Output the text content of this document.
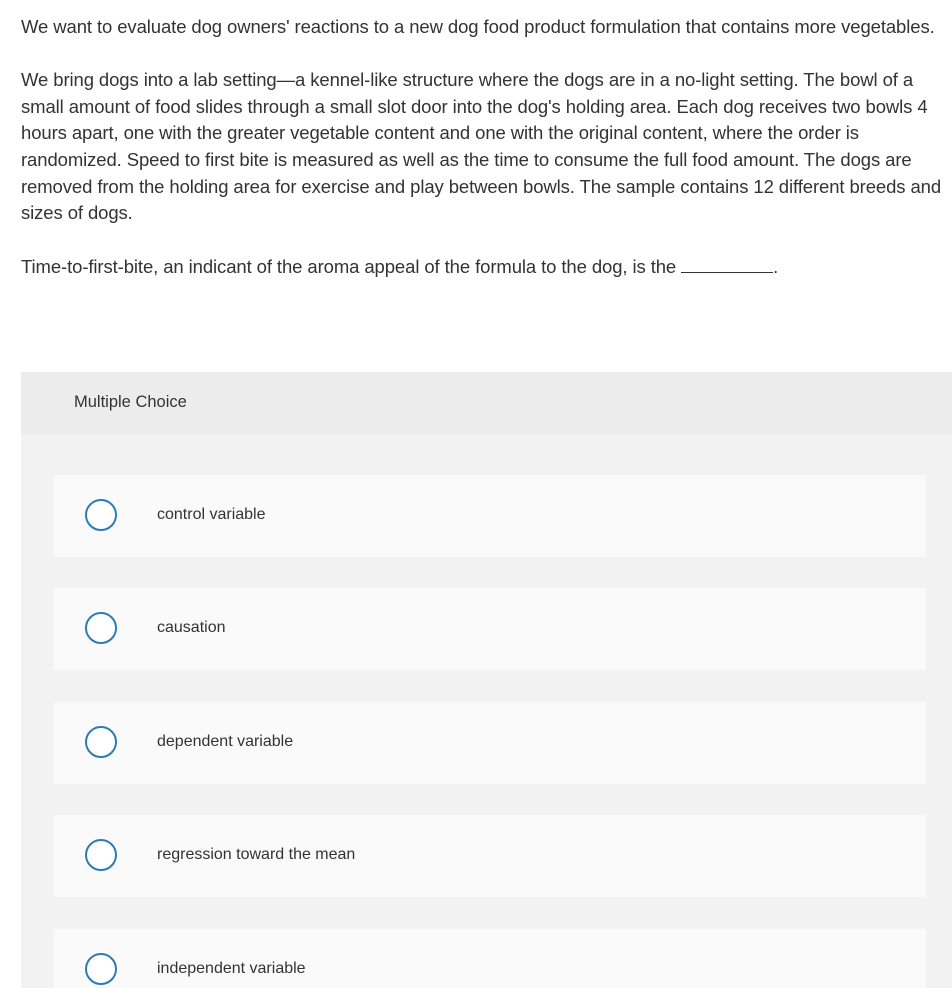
We want to evaluate dog owners' reactions to a new dog food product formulation that contains more vegetables.

We bring dogs into a lab setting—a kennel-like structure where the dogs are in a no-light setting. The bowl of a small amount of food slides through a small slot door into the dog's holding area. Each dog receives two bowls 4 hours apart, one with the greater vegetable content and one with the original content, where the order is randomized. Speed to first bite is measured as well as the time to consume the full food amount. The dogs are removed from the holding area for exercise and play between bowls. The sample contains 12 different breeds and sizes of dogs.

Time-to-first-bite, an indicant of the aroma appeal of the formula to the dog, is the	.

Multiple Choice
control variable
causation
dependent variable
regression toward the mean
independent variable
